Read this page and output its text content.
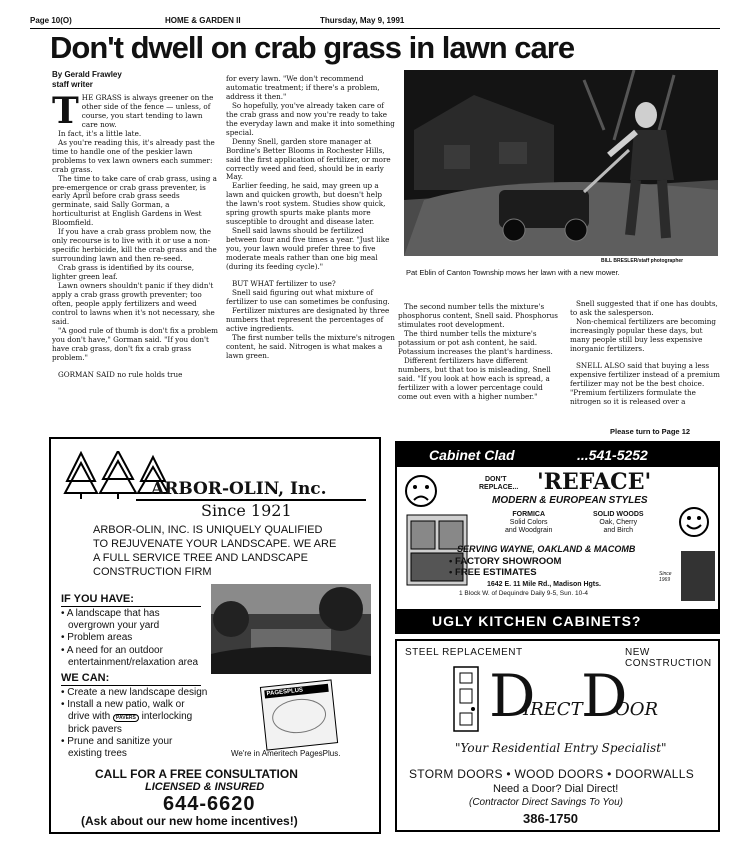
Page 10(O)	HOME & GARDEN II	Thursday, May 9, 1991
Don't dwell on crab grass in lawn care
By Gerald Frawley
staff writer
T HE GRASS is always greener on the other side of the fence — unless, of course, you start tending to lawn care now.

In fact, it's a little late.

As you're reading this, it's already past the time to handle one of the peskier lawn problems to vex lawn owners each summer: crab grass.

The time to take care of crab grass, using a pre-emergence or crab grass preventer, is early April before crab grass seeds germinate, said Sally Gorman, a horticulturist at English Gardens in West Bloomfield.

If you have a crab grass problem now, the only recourse is to live with it or use a non-specific herbicide, kill the crab grass and the surrounding lawn and then re-seed.

Crab grass is identified by its course, lighter green leaf.

Lawn owners shouldn't panic if they didn't apply a crab grass growth preventer; too often, people apply fertilizers and weed control to lawns when it's not necessary, she said.

"A good rule of thumb is don't fix a problem you don't have," Gorman said. "If you don't have crab grass, don't fix a crab grass problem."

GORMAN SAID no rule holds true

for every lawn. "We don't recommend automatic treatment; if there's a problem, address it then."

So hopefully, you've already taken care of the crab grass and now you're ready to take the everyday lawn and make it into something special.

Denny Snell, garden store manager at Bordine's Better Blooms in Rochester Hills, said the first application of fertilizer, or more correctly weed and feed, should be in early May.

Earlier feeding, he said, may green up a lawn and quicken growth, but doesn't help the lawn's root system. Studies show quick, spring growth spurts make plants more susceptible to drought and disease later.

Snell said lawns should be fertilized between four and five times a year. "Just like you, your lawn would prefer three to five moderate meals rather than one big meal (during its feeding cycle)."

BUT WHAT fertilizer to use?

Snell said figuring out what mixture of fertilizer to use can sometimes be confusing.

Fertilizer mixtures are designated by three numbers that represent the percentages of active ingredients.

The first number tells the mixture's nitrogen content, he said. Nitrogen is what makes a lawn green.

BILL BRESLER/staff photographer
Pat Eblin of Canton Township mows her lawn with a new mower.

The second number tells the mixture's phosphorus content, Snell said. Phosphorus stimulates root development.

The third number tells the mixture's potassium or pot ash content, he said. Potassium increases the plant's hardiness.

Different fertilizers have different numbers, but that too is misleading, Snell said. "If you look at how each is spread, a fertilizer with a lower percentage could come out even with a higher number."

Snell suggested that if one has doubts, to ask the salesperson.

Non-chemical fertilizers are becoming increasingly popular these days, but many people still buy less expensive inorganic fertilizers.

SNELL ALSO said that buying a less expensive fertilizer instead of a premium fertilizer may not be the best choice. "Premium fertilizers formulate the nitrogen so it is released over a

Please turn to Page 12
ARBOR-OLIN, Inc.
Since 1921
ARBOR-OLIN, INC. IS UNIQUELY QUALIFIED
TO REJUVENATE YOUR LANDSCAPE. WE ARE
A FULL SERVICE TREE AND LANDSCAPE
CONSTRUCTION FIRM
IF YOU HAVE:
• A landscape that has
overgrown your yard
• Problem areas
• A need for an outdoor
entertainment/relaxation area
WE CAN:
• Create a new landscape design
• Install a new patio, walk or
drive with PAVERS interlocking
brick pavers
• Prune and sanitize your
existing trees
PAGESPLUS
We're in Ameritech PagesPlus.
CALL FOR A FREE CONSULTATION
LICENSED & INSURED
644-6620
(Ask about our new home incentives!)
Cabinet Clad	...541-5252
DON'T
REPLACE... 'REFACE'
MODERN & EUROPEAN STYLES
FORMICA
Solid Colors
and Woodgrain
SOLID WOODS
Oak, Cherry
and Birch
SERVING WAYNE, OAKLAND & MACOMB
• FACTORY SHOWROOM
• FREE ESTIMATES
1642 E. 11 Mile Rd., Madison Hgts.
1 Block W. of Dequindre Daily 9-5, Sun. 10-4
Since 1969
UGLY KITCHEN CABINETS?
STEEL REPLACEMENT	NEW CONSTRUCTION
D
IRECT
D
OOR
"Your Residential Entry Specialist"
STORM DOORS • WOOD DOORS • DOORWALLS
Need a Door? Dial Direct!
(Contractor Direct Savings To You)
386-1750
